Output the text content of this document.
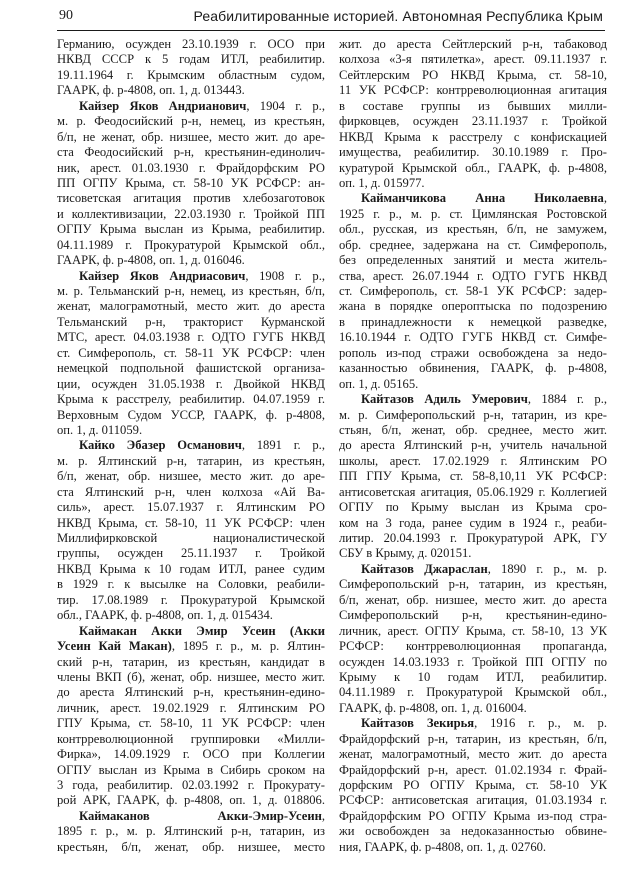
90	Реабилитированные историей. Автономная Республика Крым
Германию, осужден 23.10.1939 г. ОСО при
НКВД СССР к 5 годам ИТЛ, реабилитир.
19.11.1964 г. Крымским областным судом,
ГААРК, ф. р-4808, оп. 1, д. 013443.
Кайзер Яков Андрианович, 1904 г. р.,
м. р. Феодосийский р-н, немец, из крестьян,
б/п, не женат, обр. низшее, место жит. до аре-
ста Феодосийский р-н, крестьянин-единолич-
ник, арест. 01.03.1930 г. Фрайдорфским РО
ПП ОГПУ Крыма, ст. 58-10 УК РСФСР: ан-
тисоветская агитация против хлебозаготовок
и коллективизации, 22.03.1930 г. Тройкой ПП
ОГПУ Крыма выслан из Крыма, реабилитир.
04.11.1989 г. Прокуратурой Крымской обл.,
ГААРК, ф. р-4808, оп. 1, д. 016046.
Кайзер Яков Андриасович, 1908 г. р.,
м. р. Тельманский р-н, немец, из крестьян, б/п,
женат, малограмотный, место жит. до ареста
Тельманский р-н, тракторист Курманской
МТС, арест. 04.03.1938 г. ОДТО ГУГБ НКВД
ст. Симферополь, ст. 58-11 УК РСФСР: член
немецкой подпольной фашистской организа-
ции, осужден 31.05.1938 г. Двойкой НКВД
Крыма к расстрелу, реабилитир. 04.07.1959 г.
Верховным Судом УССР, ГААРК, ф. р-4808,
оп. 1, д. 011059.
Кайко Эбазер Османович, 1891 г. р.,
м. р. Ялтинский р-н, татарин, из крестьян,
б/п, женат, обр. низшее, место жит. до аре-
ста Ялтинский р-н, член колхоза «Ай Ва-
силь», арест. 15.07.1937 г. Ялтинским РО
НКВД Крыма, ст. 58-10, 11 УК РСФСР: член
Миллифирковской националистической
группы, осужден 25.11.1937 г. Тройкой
НКВД Крыма к 10 годам ИТЛ, ранее судим
в 1929 г. к высылке на Соловки, реабили-
тир. 17.08.1989 г. Прокуратурой Крымской
обл., ГААРК, ф. р-4808, оп. 1, д. 015434.
Каймакан Акки Эмир Усеин (Акки
Усеин Кай Макан), 1895 г. р., м. р. Ялтин-
ский р-н, татарин, из крестьян, кандидат в
члены ВКП (б), женат, обр. низшее, место жит.
до ареста Ялтинский р-н, крестьянин-едино-
личник, арест. 19.02.1929 г. Ялтинским РО
ГПУ Крыма, ст. 58-10, 11 УК РСФСР: член
контрреволюционной группировки «Милли-
Фирка», 14.09.1929 г. ОСО при Коллегии
ОГПУ выслан из Крыма в Сибирь сроком на
3 года, реабилитир. 02.03.1992 г. Прокурату-
рой АРК, ГААРК, ф. р-4808, оп. 1, д. 018806.
Каймаканов Акки-Эмир-Усеин,
1895 г. р., м. р. Ялтинский р-н, татарин, из
крестьян, б/п, женат, обр. низшее, место
жит. до ареста Сейтлерский р-н, табаковод
колхоза «3-я пятилетка», арест. 09.11.1937 г.
Сейтлерским РО НКВД Крыма, ст. 58-10,
11 УК РСФСР: контрреволюционная агитация
в составе группы из бывших милли-
фирковцев, осужден 23.11.1937 г. Тройкой
НКВД Крыма к расстрелу с конфискацией
имущества, реабилитир. 30.10.1989 г. Про-
куратурой Крымской обл., ГААРК, ф. р-4808,
оп. 1, д. 015977.
Кайманчикова Анна Николаевна,
1925 г. р., м. р. ст. Цимлянская Ростовской
обл., русская, из крестьян, б/п, не замужем,
обр. среднее, задержана на ст. Симферополь,
без определенных занятий и места житель-
ства, арест. 26.07.1944 г. ОДТО ГУГБ НКВД
ст. Симферополь, ст. 58-1 УК РСФСР: задер-
жана в порядке опероптыска по подозрению
в принадлежности к немецкой разведке,
16.10.1944 г. ОДТО ГУГБ НКВД ст. Симфе-
рополь из-под стражи освобождена за недо-
казанностью обвинения, ГААРК, ф. р-4808,
оп. 1, д. 05165.
Кайтазов Адиль Умерович, 1884 г. р.,
м. р. Симферопольский р-н, татарин, из кре-
стьян, б/п, женат, обр. среднее, место жит.
до ареста Ялтинский р-н, учитель начальной
школы, арест. 17.02.1929 г. Ялтинским РО
ПП ГПУ Крыма, ст. 58-8,10,11 УК РСФСР:
антисоветская агитация, 05.06.1929 г. Коллегией
ОГПУ по Крыму выслан из Крыма сро-
ком на 3 года, ранее судим в 1924 г., реаби-
литир. 20.04.1993 г. Прокуратурой АРК, ГУ
СБУ в Крыму, д. 020151.
Кайтазов Джараслан, 1890 г. р., м. р.
Симферопольский р-н, татарин, из крестьян,
б/п, женат, обр. низшее, место жит. до ареста
Симферопольский р-н, крестьянин-едино-
личник, арест. ОГПУ Крыма, ст. 58-10, 13 УК
РСФСР: контрреволюционная пропаганда,
осужден 14.03.1933 г. Тройкой ПП ОГПУ по
Крыму к 10 годам ИТЛ, реабилитир.
04.11.1989 г. Прокуратурой Крымской обл.,
ГААРК, ф. р-4808, оп. 1, д. 016004.
Кайтазов Зекирья, 1916 г. р., м. р.
Фрайдорфский р-н, татарин, из крестьян, б/п,
женат, малограмотный, место жит. до ареста
Фрайдорфский р-н, арест. 01.02.1934 г. Фрай-
дорфским РО ОГПУ Крыма, ст. 58-10 УК
РСФСР: антисоветская агитация, 01.03.1934 г.
Фрайдорфским РО ОГПУ Крыма из-под стра-
жи освобожден за недоказанностью обвине-
ния, ГААРК, ф. р-4808, оп. 1, д. 02760.
